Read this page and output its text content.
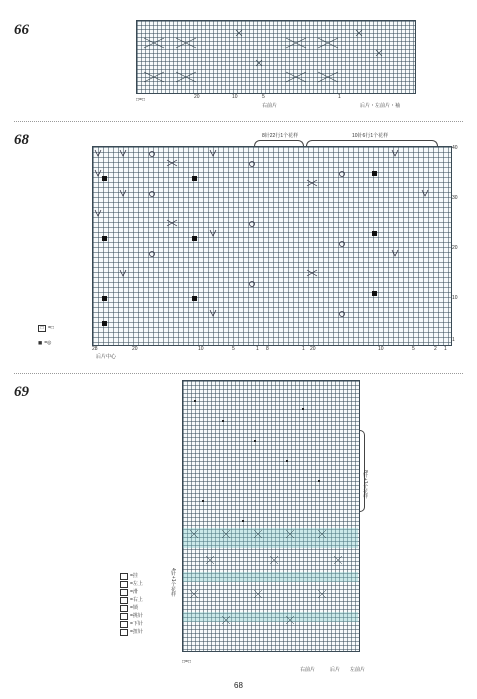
66
□=□
右前片	后片・左前片・袖
20	10	5	1
68	8针22行1个花样	10针6行1个花样
40
30
20
10
1
28	20	10	5	1 8	1 20	10	5	2 1
后片中心
□ =□
■ =◎
69
8针+1个花样
4针+1个花样
右前片	后片 左前片
=挂
=左上
=滑
=右上
=锁
=挑针
=下针
=扭针
□=□
68
